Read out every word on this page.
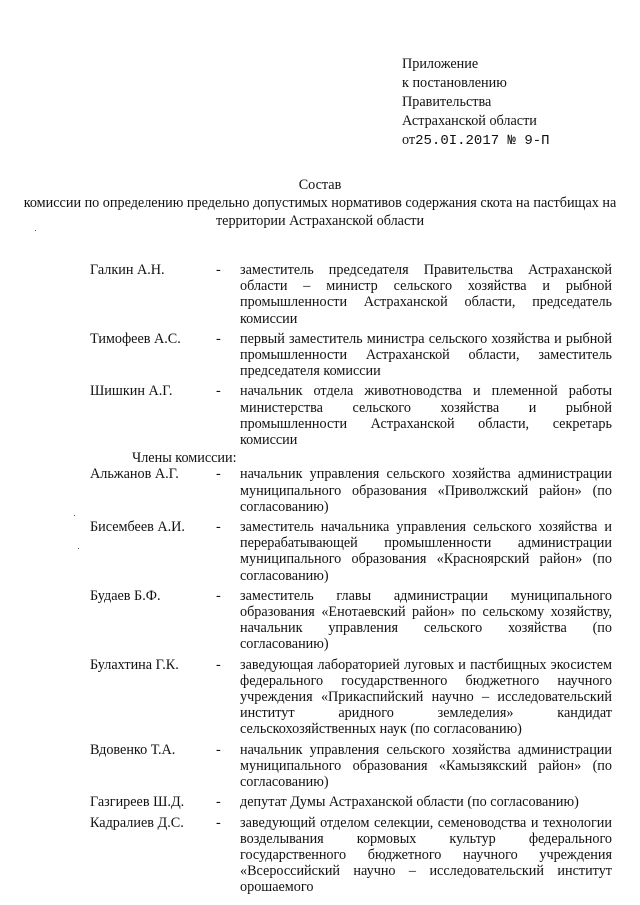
Приложение
к постановлению
Правительства
Астраханской области
от25.0I.2017 № 9-П
Состав
комиссии по определению предельно допустимых нормативов содержания скота на пастбищах на территории Астраханской области
Галкин А.Н.	-	заместитель председателя Правительства Астраханской области – министр сельского хозяйства и рыбной промышленности Астраханской области, председатель комиссии
Тимофеев А.С.	-	первый заместитель министра сельского хозяйства и рыбной промышленности Астраханской области, заместитель председателя комиссии
Шишкин А.Г.	-	начальник отдела животноводства и племенной работы министерства сельского хозяйства и рыбной промышленности Астраханской области, секретарь комиссии
Члены комиссии:
Альжанов А.Г.	-	начальник управления сельского хозяйства администрации муниципального образования «Приволжский район» (по согласованию)
Бисембеев А.И.	-	заместитель начальника управления сельского хозяйства и перерабатывающей промышленности администрации муниципального образования «Красноярский район» (по согласованию)
Будаев Б.Ф.	-	заместитель главы администрации муниципального образования «Енотаевский район» по сельскому хозяйству, начальник управления сельского хозяйства (по согласованию)
Булахтина Г.К.	-	заведующая лабораторией луговых и пастбищных экосистем федерального государственного бюджетного научного учреждения «Прикаспийский научно – исследовательский институт аридного земледелия» кандидат сельскохозяйственных наук (по согласованию)
Вдовенко Т.А.	-	начальник управления сельского хозяйства администрации муниципального образования «Камызякский район» (по согласованию)
Газгиреев Ш.Д.	-	депутат Думы Астраханской области (по согласованию)
Кадралиев Д.С.	-	заведующий отделом селекции, семеноводства и технологии возделывания кормовых культур федерального государственного бюджетного научного учреждения «Всероссийский научно – исследовательский институт орошаемого
